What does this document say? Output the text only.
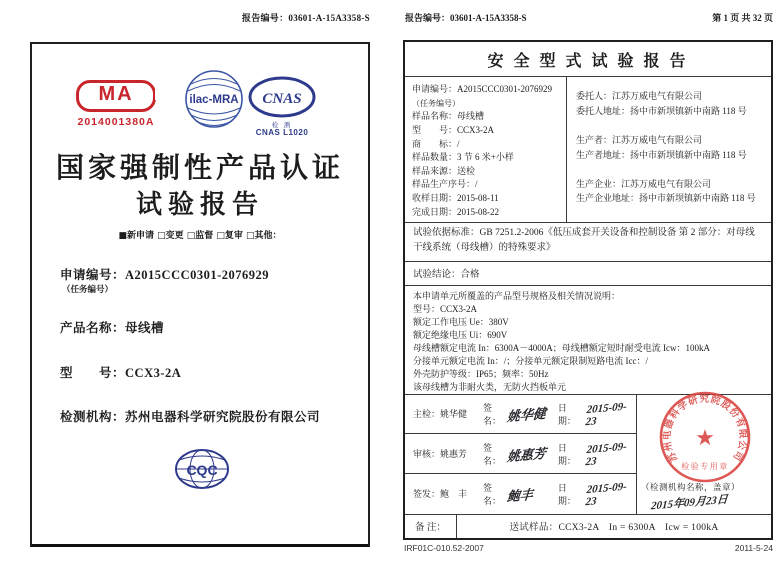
报告编号：03601-A-15A3358-S
MA
2014001380A
ilac-MRA CNAS
检 测
CNAS L1020
国家强制性产品认证
试验报告
■新申请 □变更 □监督 □复审 □其他：
申请编号：A2015CCC0301-2076929
（任务编号）
产品名称：母线槽
型　　号：CCX3-2A
检测机构：苏州电器科学研究院股份有限公司
CQC
报告编号：03601-A-15A3358-S	第 1 页 共 32 页
安 全 型 式 试 验 报 告
申请编号：A2015CCC0301-2076929
（任务编号）
样品名称：母线槽
型　　号：CCX3-2A
商　　标：/
样品数量：3 节 6 米+小样
样品来源：送检
样品生产序号：/
收样日期：2015-08-11
完成日期：2015-08-22
委托人：江苏万威电气有限公司
委托人地址：扬中市新坝镇新中南路 118 号
生产者：江苏万威电气有限公司
生产者地址：扬中市新坝镇新中南路 118 号
生产企业：江苏万威电气有限公司
生产企业地址：扬中市新坝镇新中南路 118 号
试验依据标准：GB 7251.2-2006《低压成套开关设备和控制设备 第 2 部分：对母线干线系统（母线槽）的特殊要求》
试验结论：合格
本申请单元所覆盖的产品型号规格及相关情况说明：
型号：CCX3-2A
额定工作电压 Ue：380V
额定绝缘电压 Ui：690V
母线槽额定电流 In：6300A－4000A；母线槽额定短时耐受电流 Icw：100kA
分接单元额定电流 In：/；分接单元额定限制短路电流 Icc：/
外壳防护等级：IP65；频率：50Hz
该母线槽为非耐火类，无防火挡板单元
主检：姚华健
签名： 姚华健	日期：
2015-09-23
审核：姚惠芳
签名： 姚惠芳	日期：
2015-09-23
签发：鲍　丰
签名： 鲍丰	日期：
2015-09-23
（检测机构名称，盖章）
2015年09月23日
苏州电器科学研究院股份有限公司
★
检验专用章
备 注：	送试样品：CCX3-2A　In = 6300A　Icw = 100kA
IRF01C-010.52-2007	2011-5-24
